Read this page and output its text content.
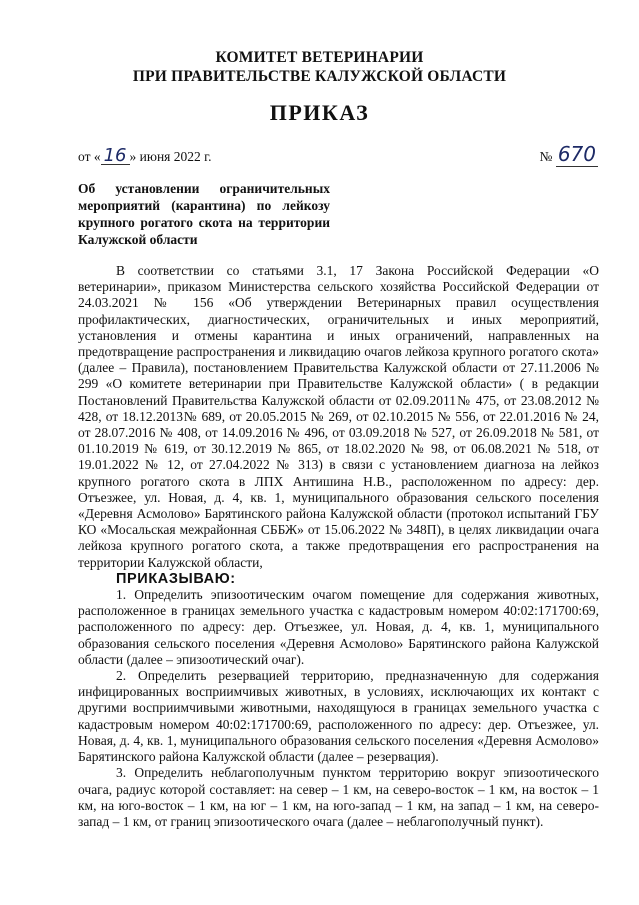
КОМИТЕТ ВЕТЕРИНАРИИ
ПРИ ПРАВИТЕЛЬСТВЕ КАЛУЖСКОЙ ОБЛАСТИ
ПРИКАЗ
от « 16 » июня 2022 г.	№ 670
Об установлении ограничительных мероприятий (карантина) по лейкозу крупного рогатого скота на территории Калужской области

В соответствии со статьями 3.1, 17 Закона Российской Федерации «О ветеринарии», приказом Министерства сельского хозяйства Российской Федерации от 24.03.2021 № 156 «Об утверждении Ветеринарных правил осуществления профилактических, диагностических, ограничительных и иных мероприятий, установления и отмены карантина и иных ограничений, направленных на предотвращение распространения и ликвидацию очагов лейкоза крупного рогатого скота» (далее – Правила), постановлением Правительства Калужской области от 27.11.2006 № 299 «О комитете ветеринарии при Правительстве Калужской области» ( в редакции Постановлений Правительства Калужской области от 02.09.2011№ 475, от 23.08.2012 № 428, от 18.12.2013№ 689, от 20.05.2015 № 269, от 02.10.2015 № 556, от 22.01.2016 № 24, от 28.07.2016 № 408, от 14.09.2016 № 496, от 03.09.2018 № 527, от 26.09.2018 № 581, от 01.10.2019 № 619, от 30.12.2019 № 865, от 18.02.2020 № 98, от 06.08.2021 № 518, от 19.01.2022 № 12, от 27.04.2022 № 313) в связи с установлением диагноза на лейкоз крупного рогатого скота в ЛПХ Антишина Н.В., расположенном по адресу: дер. Отъезжее, ул. Новая, д. 4, кв. 1, муниципального образования сельского поселения «Деревня Асмолово» Барятинского района Калужской области (протокол испытаний ГБУ КО «Мосальская межрайонная СББЖ» от 15.06.2022 № 348П), в целях ликвидации очага лейкоза крупного рогатого скота, а также предотвращения его распространения на территории Калужской области,

ПРИКАЗЫВАЮ:

1. Определить эпизоотическим очагом помещение для содержания животных, расположенное в границах земельного участка с кадастровым номером 40:02:171700:69, расположенного по адресу: дер. Отъезжее, ул. Новая, д. 4, кв. 1, муниципального образования сельского поселения «Деревня Асмолово» Барятинского района Калужской области (далее – эпизоотический очаг).

2. Определить резервацией территорию, предназначенную для содержания инфицированных восприимчивых животных, в условиях, исключающих их контакт с другими восприимчивыми животными, находящуюся в границах земельного участка с кадастровым номером 40:02:171700:69, расположенного по адресу: дер. Отъезжее, ул. Новая, д. 4, кв. 1, муниципального образования сельского поселения «Деревня Асмолово» Барятинского района Калужской области (далее – резервация).

3. Определить неблагополучным пунктом территорию вокруг эпизоотического очага, радиус которой составляет: на север – 1 км, на северо-восток – 1 км, на восток – 1 км, на юго-восток – 1 км, на юг – 1 км, на юго-запад – 1 км, на запад – 1 км, на северо-запад – 1 км, от границ эпизоотического очага (далее – неблагополучный пункт).
